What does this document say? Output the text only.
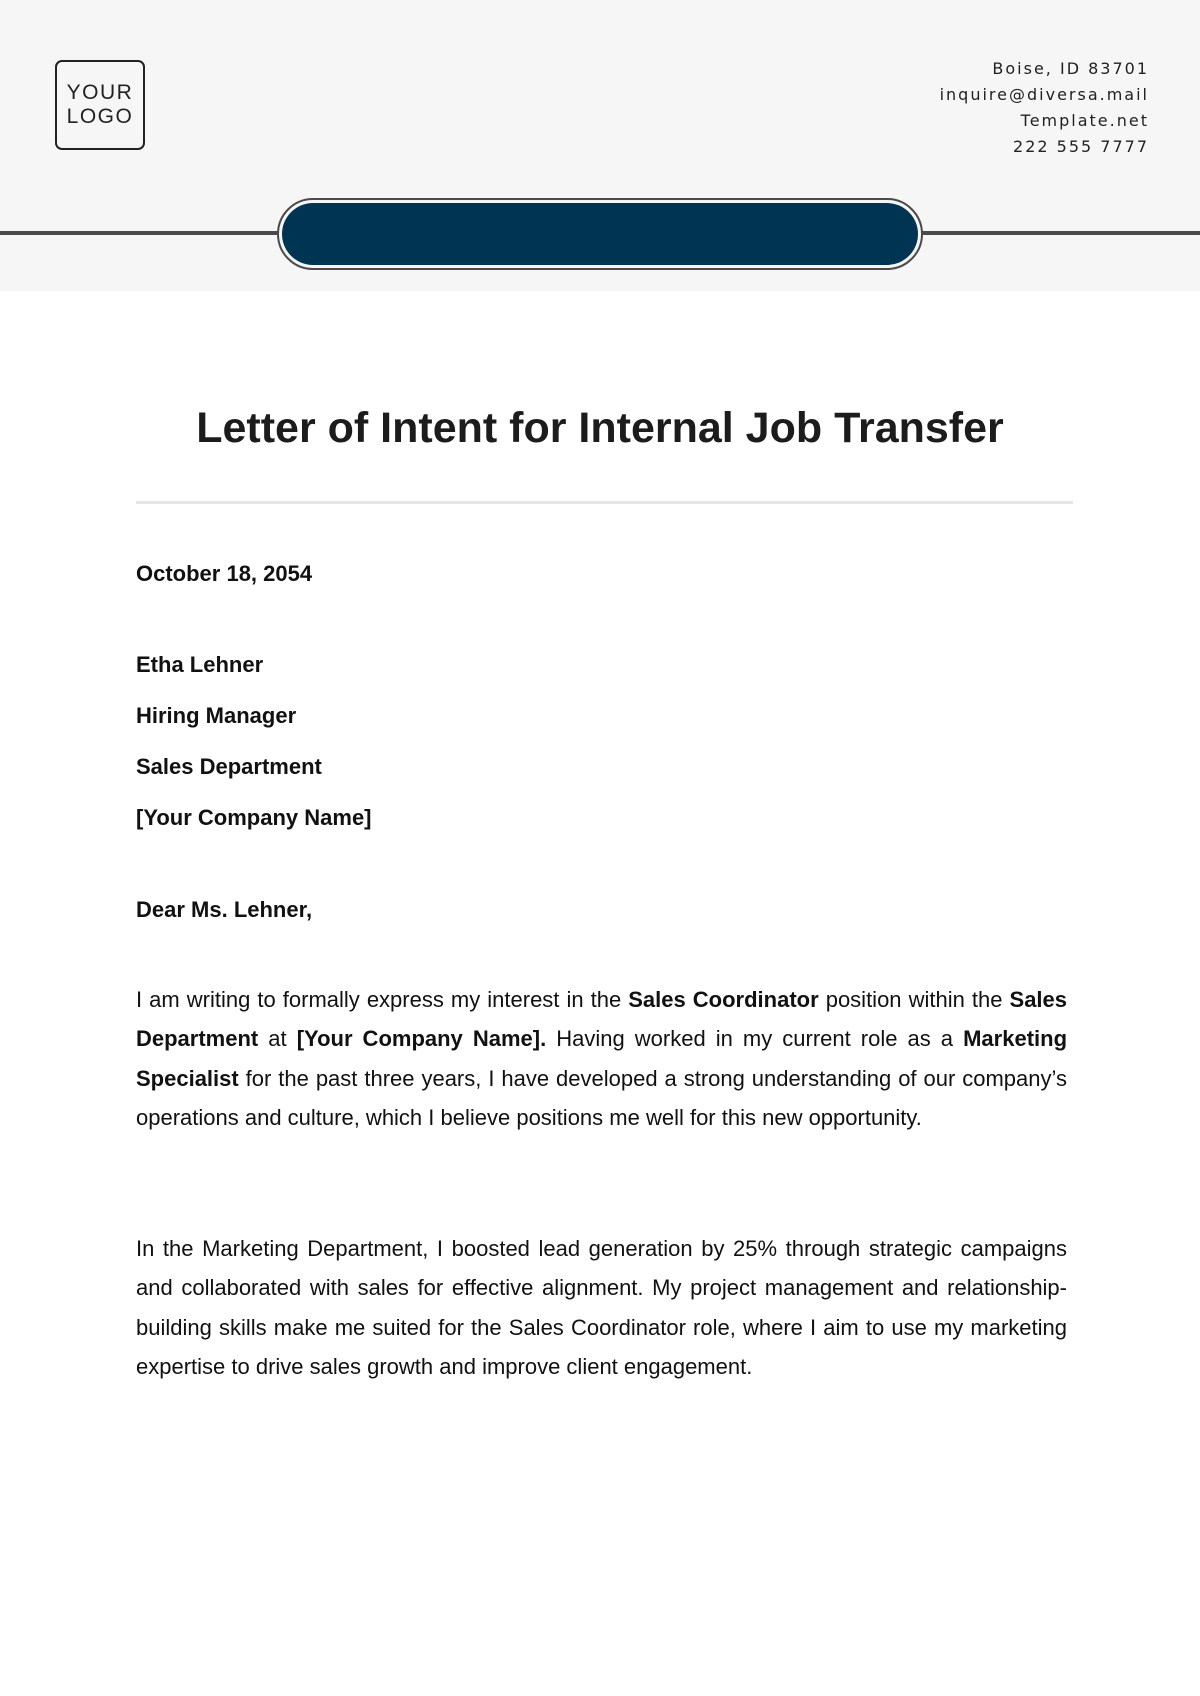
YOUR
LOGO
Boise, ID 83701
inquire@diversa.mail
Template.net
222 555 7777
Letter of Intent for Internal Job Transfer
October 18, 2054
Etha Lehner
Hiring Manager
Sales Department
[Your Company Name]
Dear Ms. Lehner,
I am writing to formally express my interest in the Sales Coordinator position within the Sales Department at [Your Company Name]. Having worked in my current role as a Marketing Specialist for the past three years, I have developed a strong understanding of our company’s operations and culture, which I believe positions me well for this new opportunity.
In the Marketing Department, I boosted lead generation by 25% through strategic campaigns and collaborated with sales for effective alignment. My project management and relationship-building skills make me suited for the Sales Coordinator role, where I aim to use my marketing expertise to drive sales growth and improve client engagement.
